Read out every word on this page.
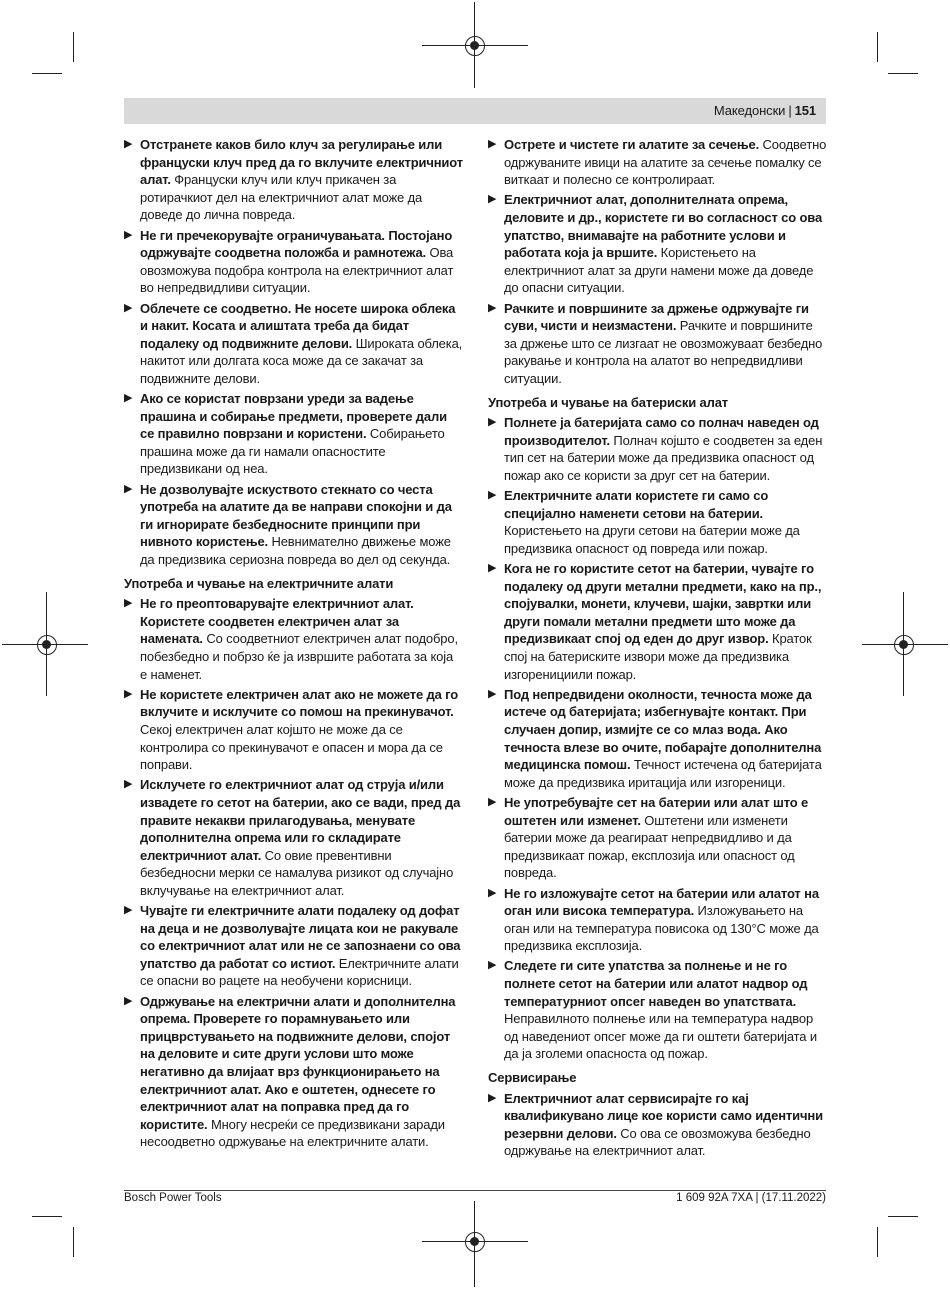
Македонски | 151
▶ Отстранете каков било клуч за регулирање или француски клуч пред да го вклучите електричниот алат. Француски клуч или клуч прикачен за ротирачкиот дел на електричниот алат може да доведе до лична повреда.
▶ Не ги пречекорувајте ограничувањата. Постојано одржувајте соодветна положба и рамнотежа. Ова овозможува подобра контрола на електричниот алат во непредвидливи ситуации.
▶ Облечете се соодветно. Не носете широка облека и накит. Косата и алиштата треба да бидат подалеку од подвижните делови. Широката облека, накитот или долгата коса може да се закачат за подвижните делови.
▶ Ако се користат поврзани уреди за вадење прашина и собирање предмети, проверете дали се правилно поврзани и користени. Собирањето прашина може да ги намали опасностите предизвикани од неа.
▶ Не дозволувајте искуството стекнато со честа употреба на алатите да ве направи спокојни и да ги игнорирате безбедносните принципи при нивното користење. Невнимателно движење може да предизвика сериозна повреда во дел од секунда.
Употреба и чување на електричните алати
▶ Не го преоптоварувајте електричниот алат. Користете соодветен електричен алат за намената. Со соодветниот електричен алат подобро, побезбедно и побрзо ќе ја извршите работата за која е наменет.
▶ Не користете електричен алат ако не можете да го вклучите и исклучите со помош на прекинувачот. Секој електричен алат којшто не може да се контролира со прекинувачот е опасен и мора да се поправи.
▶ Исклучете го електричниот алат од струја и/или извадете го сетот на батерии, ако се вади, пред да правите некакви прилагодувања, менувате дополнителна опрема или го складирате електричниот алат. Со овие превентивни безбедносни мерки се намалува ризикот од случајно вклучување на електричниот алат.
▶ Чувајте ги електричните алати подалеку од дофат на деца и не дозволувајте лицата кои не ракувале со електричниот алат или не се запознаени со ова упатство да работат со истиот. Електричните алати се опасни во рацете на необучени корисници.
▶ Одржување на електрични алати и дополнителна опрема. Проверете го порамнувањето или прицврстувањето на подвижните делови, спојот на деловите и сите други услови што може негативно да влијаат врз функционирањето на електричниот алат. Ако е оштетен, однесете го електричниот алат на поправка пред да го користите. Многу несреќи се предизвикани заради несоодветно одржување на електричните алати.
▶ Острете и чистете ги алатите за сечење. Соодветно одржуваните ивици на алатите за сечење помалку се виткаат и полесно се контролираат.
▶ Електричниот алат, дополнителната опрема, деловите и др., користете ги во согласност со ова упатство, внимавајте на работните услови и работата која ја вршите. Користењето на електричниот алат за други намени може да доведе до опасни ситуации.
▶ Рачките и површините за држење одржувајте ги суви, чисти и неизмастени. Рачките и површините за држење што се лизгаат не овозможуваат безбедно ракување и контрола на алатот во непредвидливи ситуации.
Употреба и чување на батериски алат
▶ Полнете ја батеријата само со полнач наведен од производителот. Полнач којшто е соодветен за еден тип сет на батерии може да предизвика опасност од пожар ако се користи за друг сет на батерии.
▶ Електричните алати користете ги само со специјално наменети сетови на батерии. Користењето на други сетови на батерии може да предизвика опасност од повреда или пожар.
▶ Кога не го користите сетот на батерии, чувајте го подалеку од други метални предмети, како на пр., спојувалки, монети, клучеви, шајки, завртки или други помали метални предмети што може да предизвикаат спој од еден до друг извор. Краток спој на батериските извори може да предизвика изгоренициили пожар.
▶ Под непредвидени околности, течноста може да истече од батеријата; избегнувајте контакт. При случаен допир, измијте се со млаз вода. Ако течноста влезе во очите, побарајте дополнителна медицинска помош. Течност истечена од батеријата може да предизвика иритација или изгореници.
▶ Не употребувајте сет на батерии или алат што е оштетен или изменет. Оштетени или изменети батерии може да реагираат непредвидливо и да предизвикаат пожар, експлозија или опасност од повреда.
▶ Не го изложувајте сетот на батерии или алатот на оган или висока температура. Изложувањето на оган или на температура повисока од 130°C може да предизвика експлозија.
▶ Следете ги сите упатства за полнење и не го полнете сетот на батерии или алатот надвор од температурниот опсег наведен во упатствата. Неправилното полнење или на температура надвор од наведениот опсег може да ги оштети батеријата и да ја зголеми опасноста од пожар.
Сервисирање
▶ Електричниот алат сервисирајте го кај квалификувано лице кое користи само идентични резервни делови. Со ова се овозможува безбедно одржување на електричниот алат.
Bosch Power Tools	1 609 92A 7XA | (17.11.2022)
